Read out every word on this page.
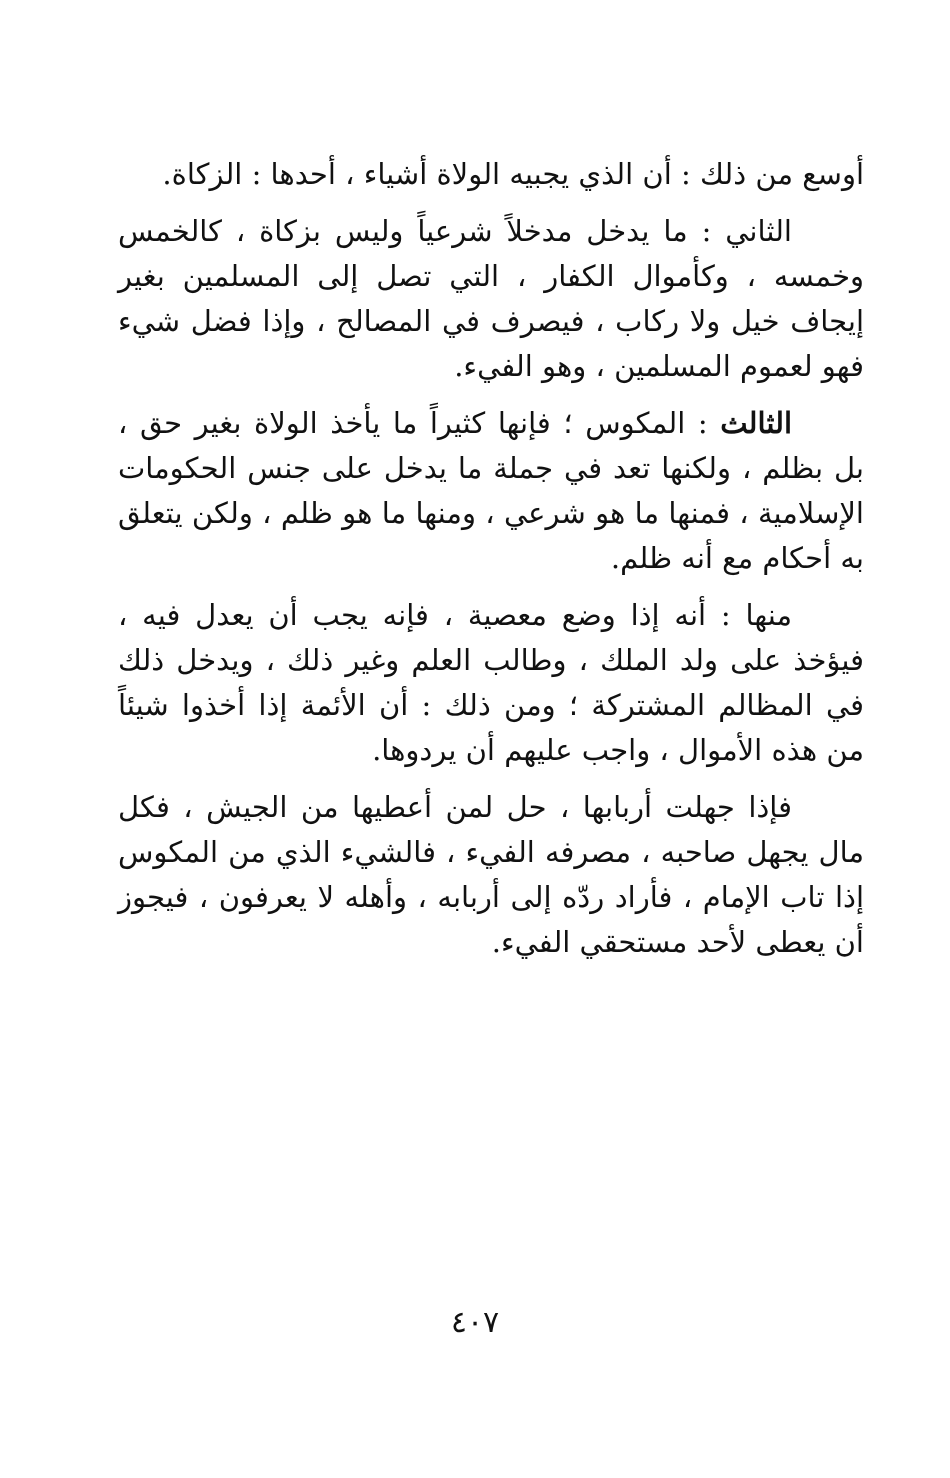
أوسع من ذلك : أن الذي يجبيه الولاة أشياء ، أحدها : الزكاة.

الثاني : ما يدخل مدخلاً شرعياً وليس بزكاة ، كالخمس وخمسه ، وكأموال الكفار ، التي تصل إلى المسلمين بغير إيجاف خيل ولا ركاب ، فيصرف في المصالح ، وإذا فضل شيء فهو لعموم المسلمين ، وهو الفيء.

الثالث : المكوس ؛ فإنها كثيراً ما يأخذ الولاة بغير حق ، بل بظلم ، ولكنها تعد في جملة ما يدخل على جنس الحكومات الإسلامية ، فمنها ما هو شرعي ، ومنها ما هو ظلم ، ولكن يتعلق به أحكام مع أنه ظلم.

منها : أنه إذا وضع معصية ، فإنه يجب أن يعدل فيه ، فيؤخذ على ولد الملك ، وطالب العلم وغير ذلك ، ويدخل ذلك في المظالم المشتركة ؛ ومن ذلك : أن الأئمة إذا أخذوا شيئاً من هذه الأموال ، واجب عليهم أن يردوها.

فإذا جهلت أربابها ، حل لمن أعطيها من الجيش ، فكل مال يجهل صاحبه ، مصرفه الفيء ، فالشيء الذي من المكوس إذا تاب الإمام ، فأراد ردّه إلى أربابه ، وأهله لا يعرفون ، فيجوز أن يعطى لأحد مستحقي الفيء.

٤٠٧
